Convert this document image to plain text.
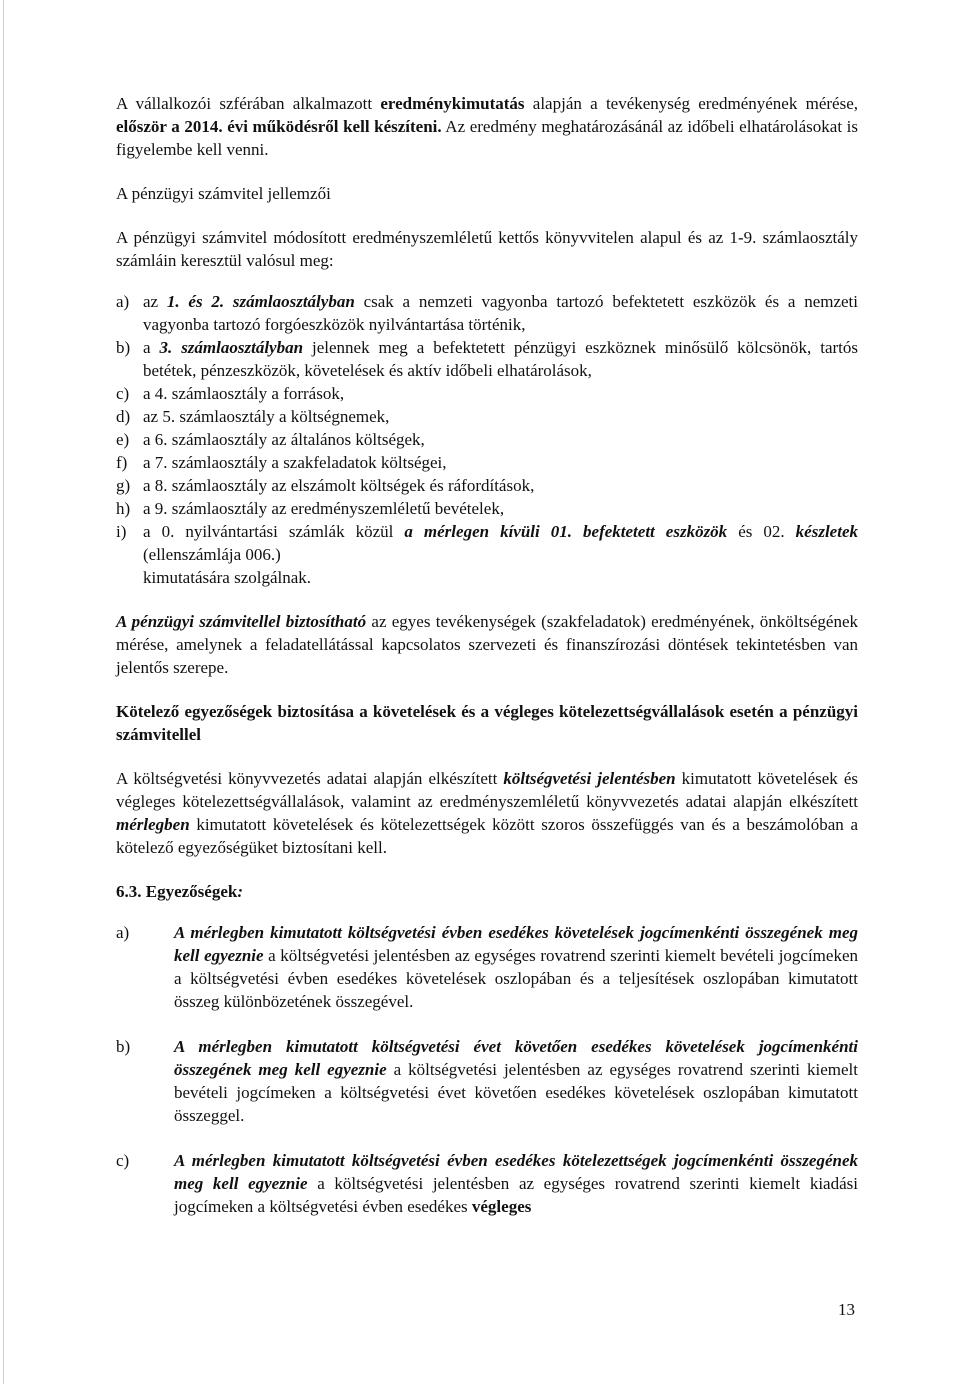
A vállalkozói szférában alkalmazott eredménykimutatás alapján a tevékenység eredményének mérése, először a 2014. évi működésről kell készíteni. Az eredmény meghatározásánál az időbeli elhatárolásokat is figyelembe kell venni.

A pénzügyi számvitel jellemzői

A pénzügyi számvitel módosított eredményszemléletű kettős könyvvitelen alapul és az 1-9. számlaosztály számláin keresztül valósul meg:

a) az 1. és 2. számlaosztályban csak a nemzeti vagyonba tartozó befektetett eszközök és a nemzeti vagyonba tartozó forgóeszközök nyilvántartása történik,
b) a 3. számlaosztályban jelennek meg a befektetett pénzügyi eszköznek minősülő kölcsönök, tartós betétek, pénzeszközök, követelések és aktív időbeli elhatárolások,
c) a 4. számlaosztály a források,
d) az 5. számlaosztály a költségnemek,
e) a 6. számlaosztály az általános költségek,
f) a 7. számlaosztály a szakfeladatok költségei,
g) a 8. számlaosztály az elszámolt költségek és ráfordítások,
h) a 9. számlaosztály az eredményszemléletű bevételek,
i) a 0. nyilvántartási számlák közül a mérlegen kívüli 01. befektetett eszközök és 02. készletek (ellenszámlája 006.)
kimutatására szolgálnak.

A pénzügyi számvitellel biztosítható az egyes tevékenységek (szakfeladatok) eredményének, önköltségének mérése, amelynek a feladatellátással kapcsolatos szervezeti és finanszírozási döntések tekintetésben van jelentős szerepe.

Kötelező egyezőségek biztosítása a követelések és a végleges kötelezettségvállalások esetén a pénzügyi számvitellel

A költségvetési könyvvezetés adatai alapján elkészített költségvetési jelentésben kimutatott követelések és végleges kötelezettségvállalások, valamint az eredményszemléletű könyvvezetés adatai alapján elkészített mérlegben kimutatott követelések és kötelezettségek között szoros összefüggés van és a beszámolóban a kötelező egyezőségüket biztosítani kell.

6.3. Egyezőségek:

a)	A mérlegben kimutatott költségvetési évben esedékes követelések jogcímenkénti összegének meg kell egyeznie a költségvetési jelentésben az egységes rovatrend szerinti kiemelt bevételi jogcímeken a költségvetési évben esedékes követelések oszlopában és a teljesítések oszlopában kimutatott összeg különbözetének összegével.
b)	A mérlegben kimutatott költségvetési évet követően esedékes követelések jogcímenkénti összegének meg kell egyeznie a költségvetési jelentésben az egységes rovatrend szerinti kiemelt bevételi jogcímeken a költségvetési évet követően esedékes követelések oszlopában kimutatott összeggel.
c)	A mérlegben kimutatott költségvetési évben esedékes kötelezettségek jogcímenkénti összegének meg kell egyeznie a költségvetési jelentésben az egységes rovatrend szerinti kiemelt kiadási jogcímeken a költségvetési évben esedékes végleges
13
